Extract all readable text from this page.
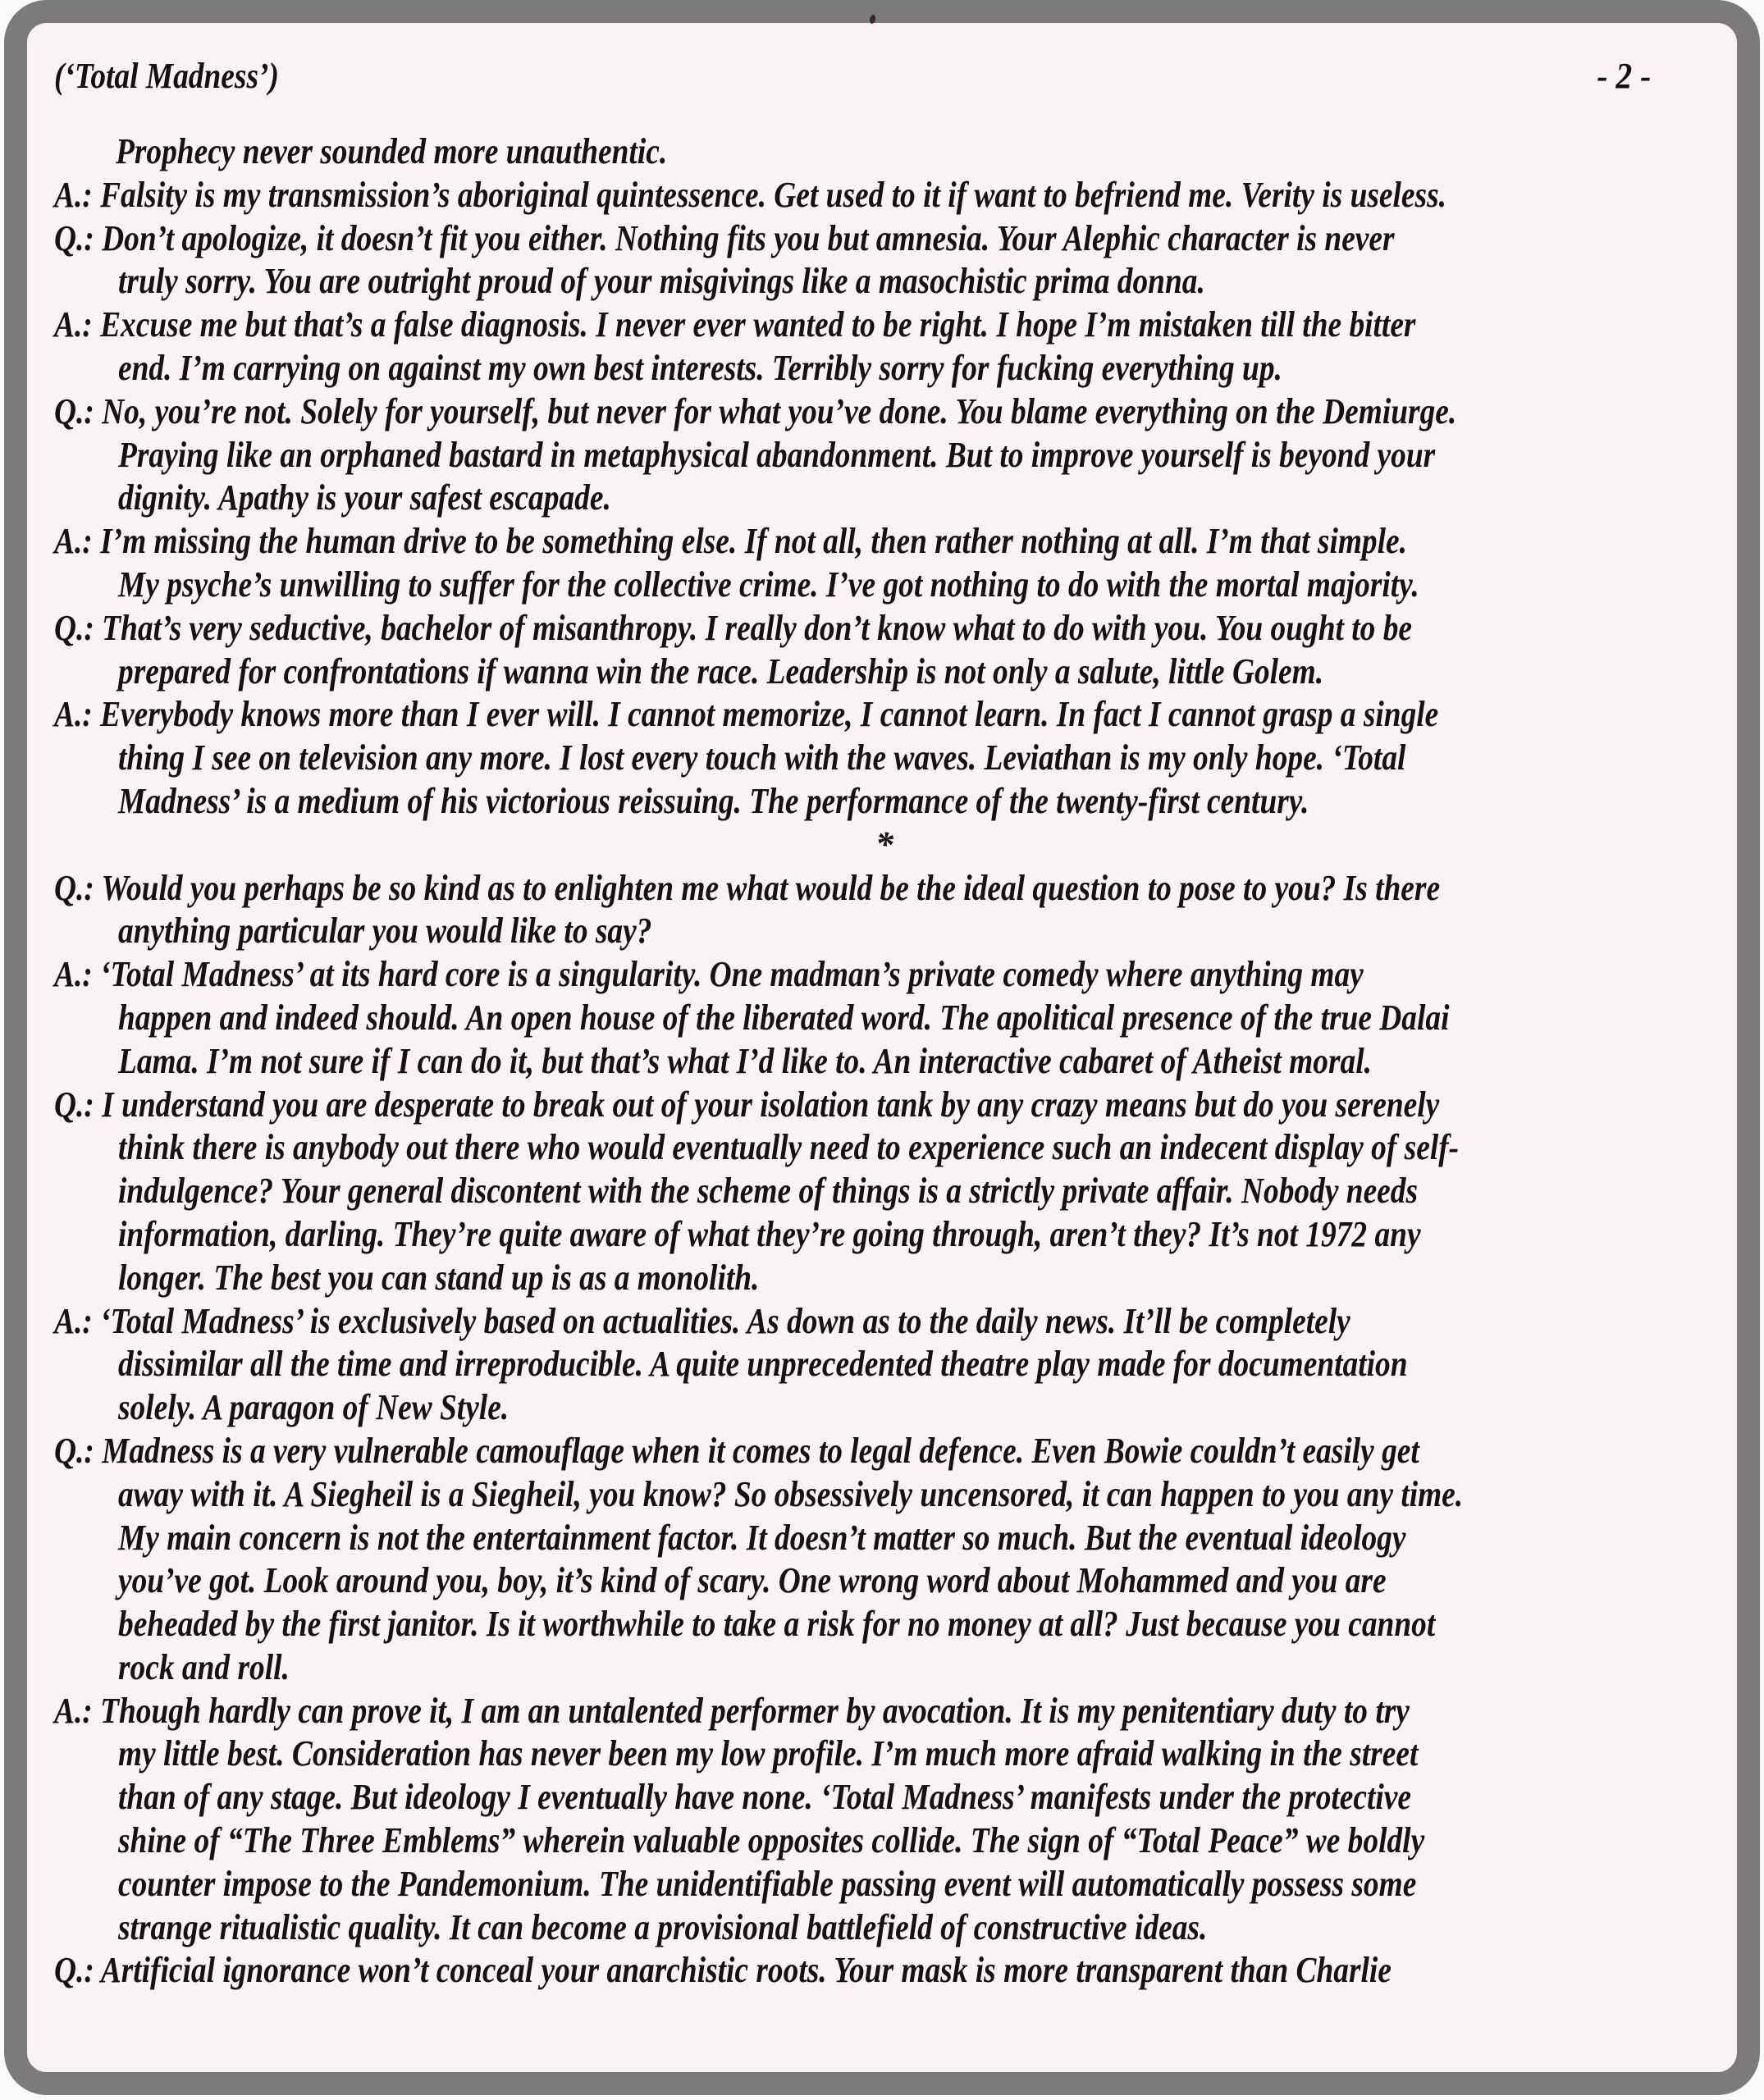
(‘Total Madness’)	- 2 -
Prophecy never sounded more unauthentic.
A.: Falsity is my transmission’s aboriginal quintessence. Get used to it if want to befriend me. Verity is useless.
Q.: Don’t apologize, it doesn’t fit you either. Nothing fits you but amnesia. Your Alephic character is never
truly sorry. You are outright proud of your misgivings like a masochistic prima donna.
A.: Excuse me but that’s a false diagnosis. I never ever wanted to be right. I hope I’m mistaken till the bitter
end. I’m carrying on against my own best interests. Terribly sorry for fucking everything up.
Q.: No, you’re not. Solely for yourself, but never for what you’ve done. You blame everything on the Demiurge.
Praying like an orphaned bastard in metaphysical abandonment. But to improve yourself is beyond your
dignity. Apathy is your safest escapade.
A.: I’m missing the human drive to be something else. If not all, then rather nothing at all. I’m that simple.
My psyche’s unwilling to suffer for the collective crime. I’ve got nothing to do with the mortal majority.
Q.: That’s very seductive, bachelor of misanthropy. I really don’t know what to do with you. You ought to be
prepared for confrontations if wanna win the race. Leadership is not only a salute, little Golem.
A.: Everybody knows more than I ever will. I cannot memorize, I cannot learn. In fact I cannot grasp a single
thing I see on television any more. I lost every touch with the waves. Leviathan is my only hope. ‘Total
Madness’ is a medium of his victorious reissuing. The performance of the twenty-first century.
*
Q.: Would you perhaps be so kind as to enlighten me what would be the ideal question to pose to you? Is there
anything particular you would like to say?
A.: ‘Total Madness’ at its hard core is a singularity. One madman’s private comedy where anything may
happen and indeed should. An open house of the liberated word. The apolitical presence of the true Dalai
Lama. I’m not sure if I can do it, but that’s what I’d like to. An interactive cabaret of Atheist moral.
Q.: I understand you are desperate to break out of your isolation tank by any crazy means but do you serenely
think there is anybody out there who would eventually need to experience such an indecent display of self-
indulgence? Your general discontent with the scheme of things is a strictly private affair. Nobody needs
information, darling. They’re quite aware of what they’re going through, aren’t they? It’s not 1972 any
longer. The best you can stand up is as a monolith.
A.: ‘Total Madness’ is exclusively based on actualities. As down as to the daily news. It’ll be completely
dissimilar all the time and irreproducible. A quite unprecedented theatre play made for documentation
solely. A paragon of New Style.
Q.: Madness is a very vulnerable camouflage when it comes to legal defence. Even Bowie couldn’t easily get
away with it. A Siegheil is a Siegheil, you know? So obsessively uncensored, it can happen to you any time.
My main concern is not the entertainment factor. It doesn’t matter so much. But the eventual ideology
you’ve got. Look around you, boy, it’s kind of scary. One wrong word about Mohammed and you are
beheaded by the first janitor. Is it worthwhile to take a risk for no money at all? Just because you cannot
rock and roll.
A.: Though hardly can prove it, I am an untalented performer by avocation. It is my penitentiary duty to try
my little best. Consideration has never been my low profile. I’m much more afraid walking in the street
than of any stage. But ideology I eventually have none. ‘Total Madness’ manifests under the protective
shine of “The Three Emblems” wherein valuable opposites collide. The sign of “Total Peace” we boldly
counter impose to the Pandemonium. The unidentifiable passing event will automatically possess some
strange ritualistic quality. It can become a provisional battlefield of constructive ideas.
Q.: Artificial ignorance won’t conceal your anarchistic roots. Your mask is more transparent than Charlie
